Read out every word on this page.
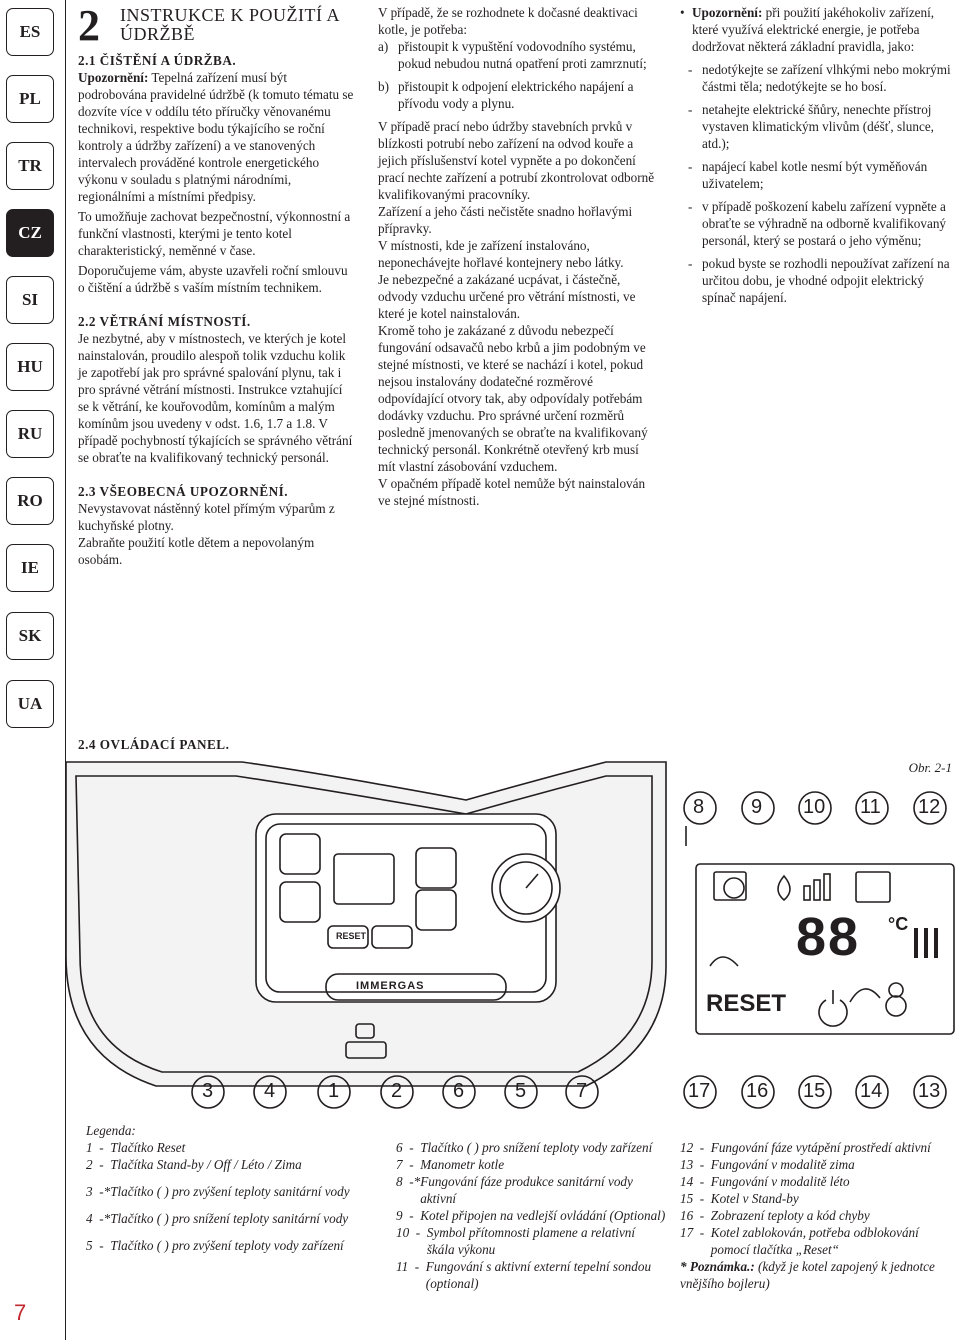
ES
PL
TR
CZ
SI
HU
RU
RO
IE
SK
UA
7
2 INSTRUKCE K POUŽITÍ A ÚDRŽBĚ

2.1 ČIŠTĚNÍ A ÚDRŽBA.

Upozornění: Tepelná zařízení musí být podrobována pravidelné údržbě (k tomuto tématu se dozvíte více v oddílu této příručky věnovanému technikovi, respektive bodu týkajícího se roční kontroly a údržby zařízení) a ve stanovených intervalech prováděné kontrole energetického výkonu v souladu s platnými národními, regionálními a místními předpisy.

To umožňuje zachovat bezpečnostní, výkonnostní a funkční vlastnosti, kterými je tento kotel charakteristický, neměnné v čase.

Doporučujeme vám, abyste uzavřeli roční smlouvu o čištění a údržbě s vaším místním technikem.

2.2 VĚTRÁNÍ MÍSTNOSTÍ.

Je nezbytné, aby v místnostech, ve kterých je kotel nainstalován, proudilo alespoň tolik vzduchu kolik je zapotřebí jak pro správné spalování plynu, tak i pro správné větrání místnosti. Instrukce vztahující se k větrání, ke kouřovodům, komínům a malým komínům jsou uvedeny v odst. 1.6, 1.7 a 1.8. V případě pochybností týkajících se správného větrání se obraťte na kvalifikovaný technický personál.

2.3 VŠEOBECNÁ UPOZORNĚNÍ.

Nevystavovat nástěnný kotel přímým výparům z kuchyňské plotny.

Zabraňte použití kotle dětem a nepovolaným osobám.

V případě, že se rozhodnete k dočasné deaktivaci kotle, je potřeba:

a) přistoupit k vypuštění vodovodního systému, pokud nebudou nutná opatření proti zamrznutí;

b) přistoupit k odpojení elektrického napájení a přívodu vody a plynu.

V případě prací nebo údržby stavebních prvků v blízkosti potrubí nebo zařízení na odvod kouře a jejich příslušenství kotel vypněte a po dokončení prací nechte zařízení a potrubí zkontrolovat odborně kvalifikovanými pracovníky.

Zařízení a jeho části nečistěte snadno hořlavými přípravky.

V místnosti, kde je zařízení instalováno, neponechávejte hořlavé kontejnery nebo látky.

Je nebezpečné a zakázané ucpávat, i částečně, odvody vzduchu určené pro větrání místnosti, ve které je kotel nainstalován.

Kromě toho je zakázané z důvodu nebezpečí fungování odsavačů nebo krbů a jim podobným ve stejné místnosti, ve které se nachází i kotel, pokud nejsou instalovány dodatečné rozměrové odpovídající otvory tak, aby odpovídaly potřebám dodávky vzduchu. Pro správné určení rozměrů posledně jmenovaných se obraťte na kvalifikovaný technický personál. Konkrétně otevřený krb musí mít vlastní zásobování vzduchem.

V opačném případě kotel nemůže být nainstalován ve stejné místnosti.

• Upozornění: při použití jakéhokoliv zařízení, které využívá elektrické energie, je potřeba dodržovat některá základní pravidla, jako:

- nedotýkejte se zařízení vlhkými nebo mokrými částmi těla; nedotýkejte se ho bosí.
- netahejte elektrické šňůry, nenechte přístroj vystaven klimatickým vlivům (déšť, slunce, atd.);
- napájecí kabel kotle nesmí být vyměňován uživatelem;
- v případě poškození kabelu zařízení vypněte a obraťte se výhradně na odborně kvalifikovaný personál, který se postará o jeho výměnu;
- pokud byste se rozhodli nepoužívat zařízení na určitou dobu, je vhodné odpojit elektrický spínač napájení.
2.4 OVLÁDACÍ PANEL.
Obr. 2-1
8 9 10 11 12
3	4	1	2	6	5 7	17 16 15 14 13
88 °C
RESET
RESET
IMMERGAS
Legenda:
1  - Tlačítko Reset
2  - Tlačítka Stand-by / Off / Léto / Zima
3  -* Tlačítko ( ) pro zvýšení teploty sanitární vody
4  -* Tlačítko ( ) pro snížení teploty sanitární vody
5  - Tlačítko ( ) pro zvýšení teploty vody zařízení
6  - Tlačítko ( ) pro snížení teploty vody zařízení
7  - Manometr kotle
8  -* Fungování fáze produkce sanitární vody aktivní
9  - Kotel připojen na vedlejší ovládání (Optional)
10  - Symbol přítomnosti plamene a relativní škála výkonu
11  - Fungování s aktivní externí tepelní sondou (optional)
12  - Fungování fáze vytápění prostředí aktivní
13  - Fungování v modalitě zima
14  - Fungování v modalitě léto
15  - Kotel v Stand-by
16  - Zobrazení teploty a kód chyby
17  - Kotel zablokován, potřeba odblokování pomocí tlačítka „Reset“
* Poznámka.: (když je kotel zapojený k jednotce vnějšího bojleru)
